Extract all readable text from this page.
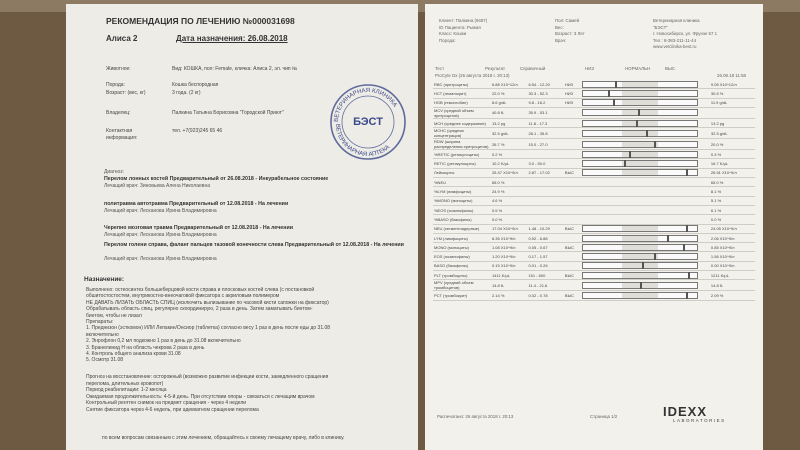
РЕКОМЕНДАЦИЯ ПО ЛЕЧЕНИЮ №000031698
Алиса 2	Дата назначения: 26.08.2018
Животное:	Вид: КОШКА, пол: Female, кличка: Алиса 2, эл. чип №
Порода:	Кошка беспородная
Возраст: (вес, кг)	3 года. (2 кг)
Владелец:	Палкина Татьяна Борисовна "Городской Приют"
Контактная информация:
тел. +7(923)245 65 46
ВЕТЕРИНАРНАЯ КЛИНИКА
ВЕТЕРИНАРНАЯ АПТЕКА
БЭСТ
Диагноз:
Перелом лонных костей Предварительный от 26.08.2018 - Инкурабельное состояние
Лечащий врач: Зиновьева Алена Николаевна
политравма автотравма Предварительный от 12.08.2018 - На лечении
Лечащий врач: Лесканова Ирина Владимировна
Черепно мозговая травма Предварительный от 12.08.2018 - На лечении
Лечащий врач: Лесканова Ирина Владимировна
Перелом голени справа, фаланг пальцев тазовой конечности слева Предварительный от 12.08.2018 - На лечении
Лечащий врач: Лесканова Ирина Владимировна
Назначение:
Выполнено: остеосинтез большеберцовой кости справа и плосковых костей слева (с постановкой
обшитостостостем, внутрикостно-внеочаговой фиксатора с акриловым полимером
НЕ ДАВАТЬ ЛИЗАТЬ ОБЛАСТЬ СПИЦ (исключить вылизывание по часовой кисти сапожки на фиксатор)
Обрабатывать область спиц, регулярно скоординирую, 2 раза в день. Затем заматывать бинтом-
бинтом, чтобы не лизал
Препараты:
1. Преднизон (эсткомон) ИЛИ Лепакин/Онсиор (таблетка) согласно весу 1 раз в день после еды до 31.08
включительно
2. Энрофлон 0,2 мл подкожно 1 раз в день до 31.08 включительно
3. Бранелинид Н на область чекрова 2 раза в день
4. Контроль общего анализа крови 31.08
5. Осмотр 31.08
Прогноз на восстановление: осторожный (возможно развитие инфекции кости, замедленного сращения
перелома, длительных кровопот)
Период реабилитации: 1-2 месяца
Ожидаемая продолжительность: 4-5-й день. При отсутствии опоры - связаться с лечащим врачом
Контрольный рентген снимок на предмет сращения - через 4 недели
Снятие фиксатора через 4-6 недель, при адекватном сращении перелома
по всем вопросам связанным с этим лечением, обращайтесь к своему лечащему врачу, либо в клинику.
Клиент: Палкина (9487)
ID Пациента: Рыжая
Класс: Кошки
Порода:
Пол: Самей
Вес:
Возраст: 3 Лет
Врач:
Ветеринарная клиника
"БЭСТ"
г. Новосибирск, ул. Фрунзе 57 1
Тел.: 8-383-211-11-44
www.vetclinika-best.ru
Тест	Результат	Справочный	НИЗ	НОРМАЛЬН	ВЫС
ProCyte Dx (26 августа 2018 г. 20:13)	26.08.18 11:58
RBC (эритроциты)	6.88 X10^12/л	6.54 - 12.20	НИЗ		9.05 X10^12/л
HCT (гематокрит)	22.0 %	30.3 - 52.3	НИЗ		30.5 %
HGB (гемоглобин)	8.6 g/dL	9.8 - 16.2	НИЗ		11.9 g/dL
MCV (средний объем эритроцитов)	40.8 fL	35.9 - 53.1		

MCH (среднее содержание)	13.2 pg	11.8 - 17.3			13.2 pg
MCHC (средняя концентрация)	32.5 g/dL	28.1 - 35.8			32.5 g/dL
RDW (ширина распределения эритроцитов)	26.7 %	15.0 - 27.0			20.0 %
%RETIC (ретикулоциты)	0.2 %				0.3 %
RETIC (ретикулоциты)	10.2 K/µL	3.0 - 50.0			16.7 K/µL
Лейкоциты	25.47 X10^9/л	2.87 - 17.02	ВЫС		26.51 X10^9/л
%NEU	65.0 %				65.0 %
%LYM (лимфоциты)	24.9 %				8.1 %
%MONO (моноциты)	4.6 %				5.1 %
%EOS (эозинофилы)	0.5 %				6.1 %
%BASO (базофилы)	0.0 %				0.0 %
NEU (сегментоядерные)	17.04 X10^9/л	1.48 - 10.29	ВЫС		24.05 X10^9/л
LYM (лимфоциты)	6.35 X10^9/л	0.92 - 6.88			2.06 X10^9/л
MONO (моноциты)	1.08 X10^9/л	0.05 - 0.67	ВЫС		0.85 X10^9/л
EOS (эозинофилы)	1.20 X10^9/л	0.17 - 1.57			1.56 X10^9/л
BASO (базофилы)	0.15 X10^9/л	0.01 - 0.26			0.00 X10^9/л
PLT (тромбоциты)	1411 K/µL	151 - 600	ВЫС		1211 K/µL
MPV (средний объем тромбоцитов)	14.8 fL	11.4 - 21.6			14.8 fL
PCT (тромбокрит)	2.14 %	0.02 - 0.78	ВЫС		2.09 %
Распечатано: 26 августа 2018 г. 20:13	Страница 1/2	IDEXX
LABORATORIES
